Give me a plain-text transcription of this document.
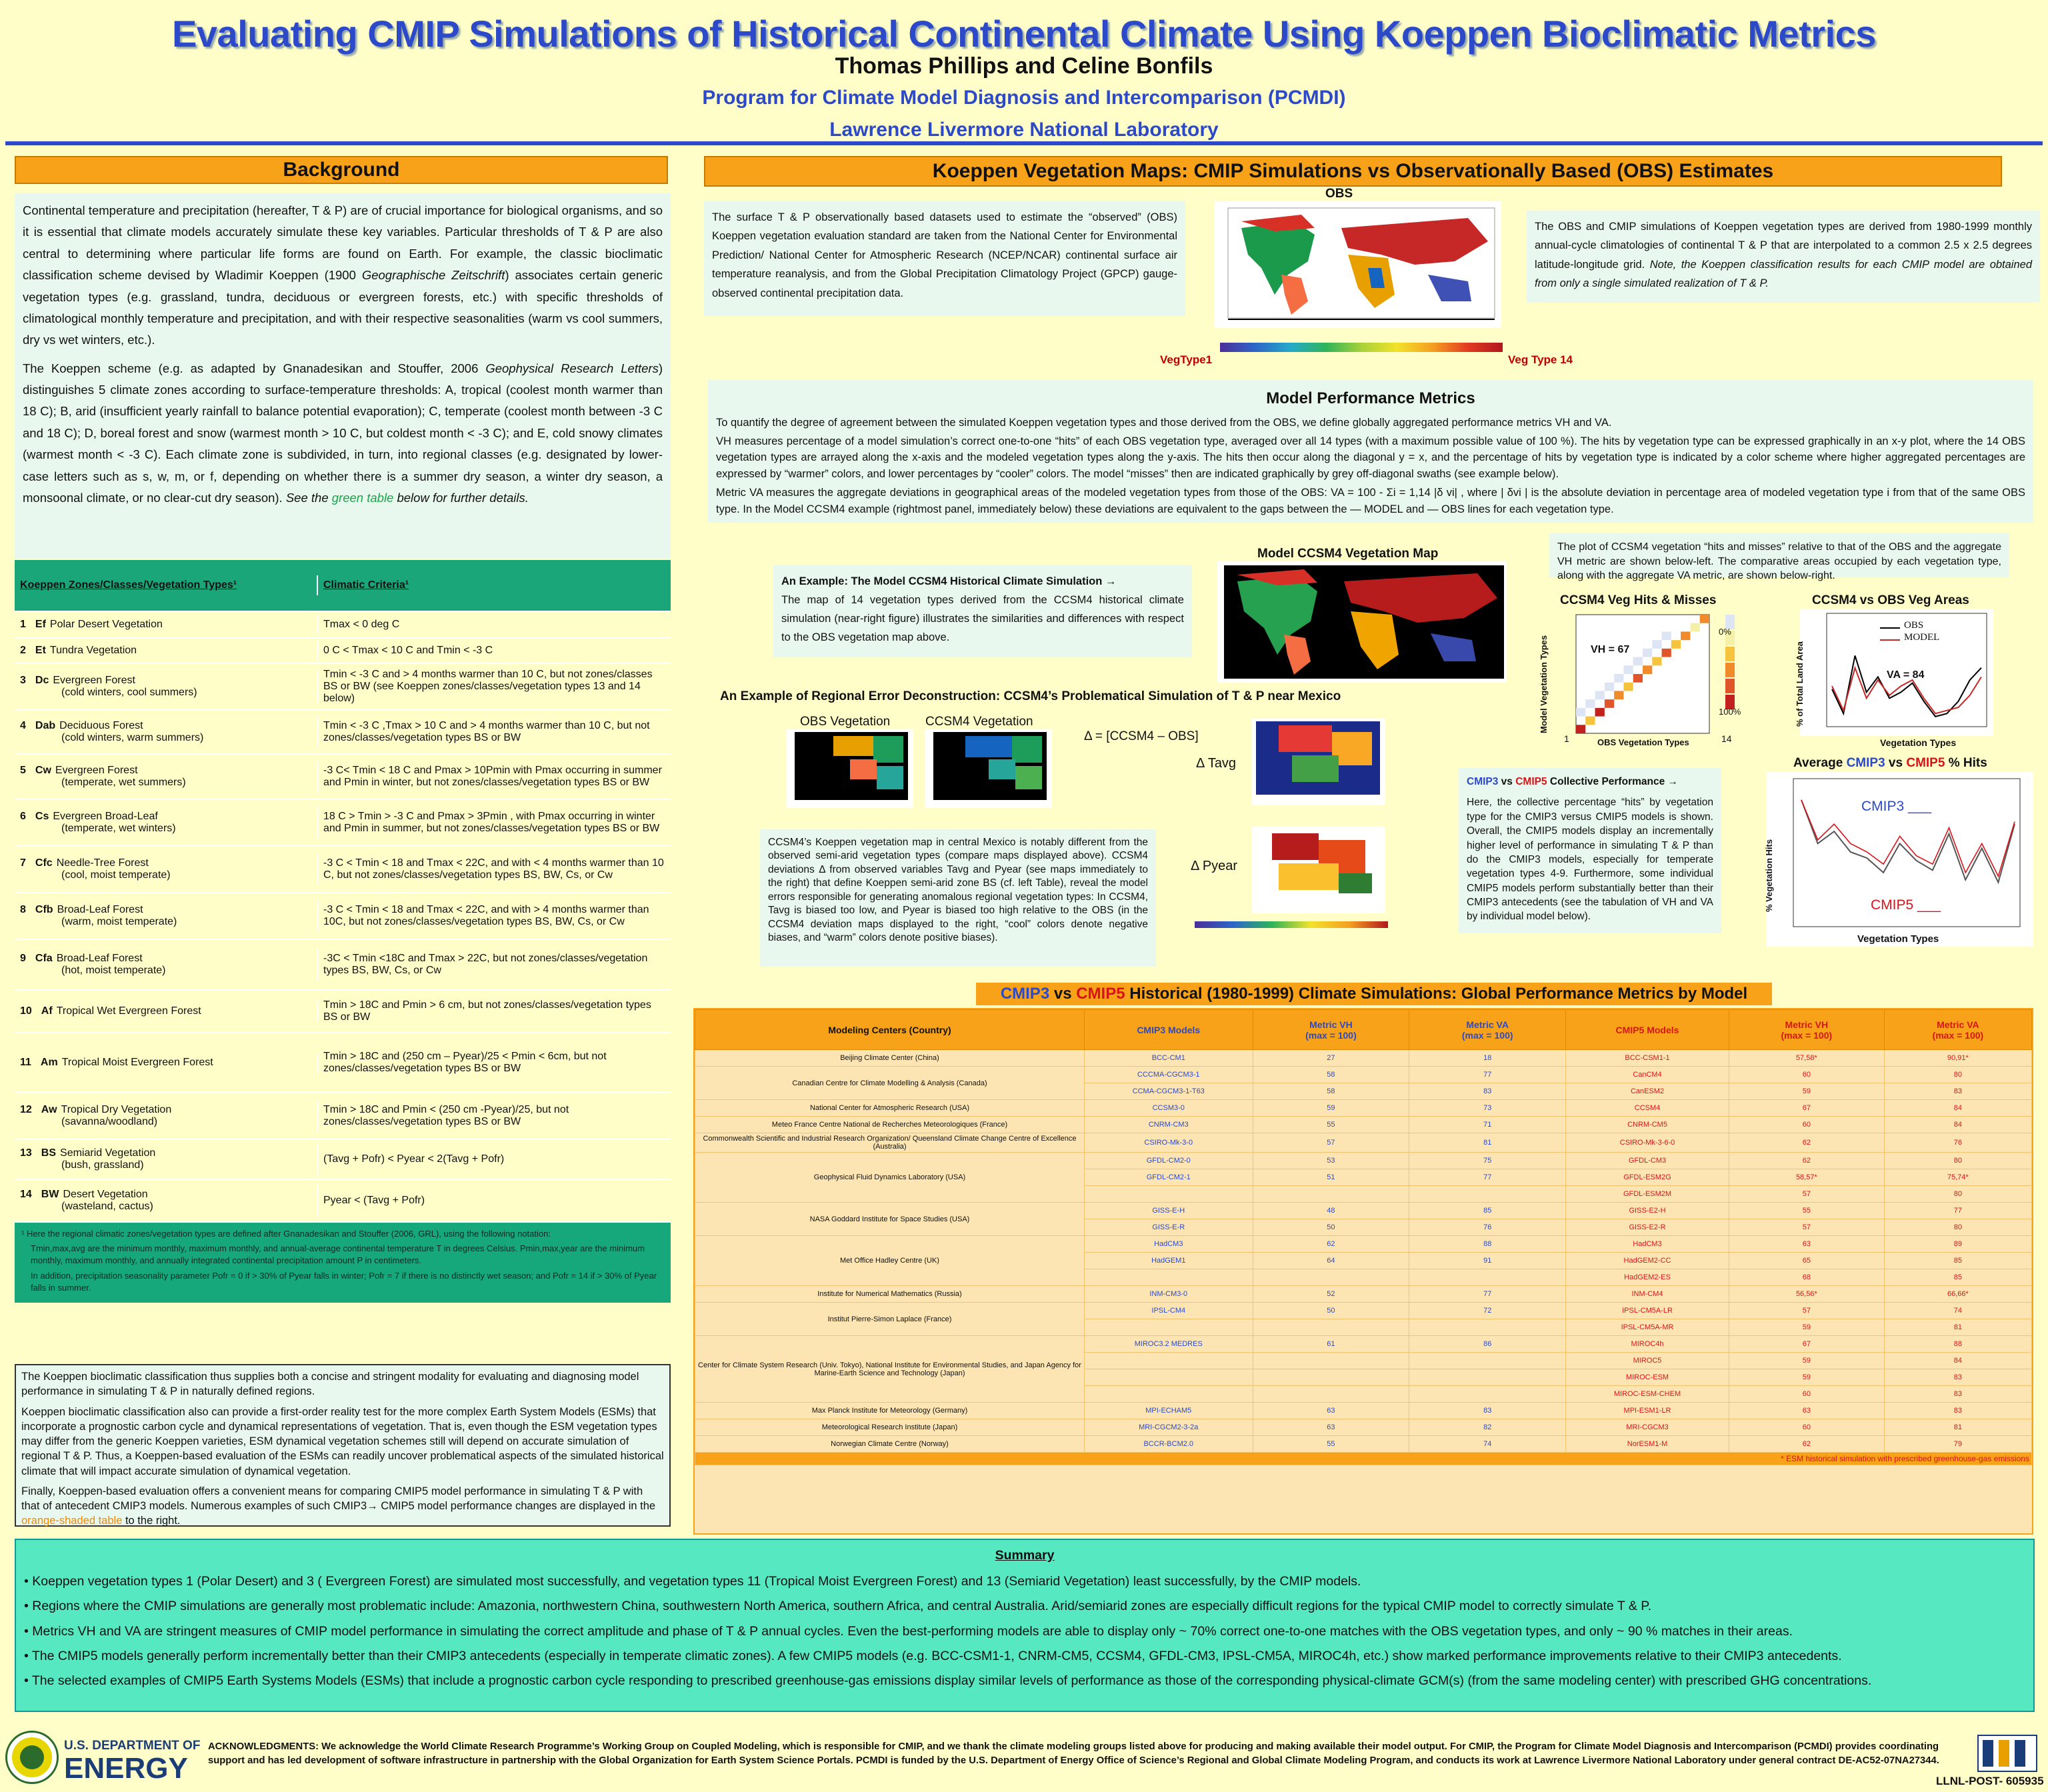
Evaluating CMIP Simulations of Historical Continental Climate Using Koeppen Bioclimatic Metrics
Thomas Phillips and Celine Bonfils
Program for Climate Model Diagnosis and Intercomparison (PCMDI)
Lawrence Livermore National Laboratory
Background

Continental temperature and precipitation (hereafter, T & P) are of crucial importance for biological organisms, and so it is essential that climate models accurately simulate these key variables. Particular thresholds of T & P are also central to determining where particular life forms are found on Earth. For example, the classic bioclimatic classification scheme devised by Wladimir Koeppen (1900 Geographische Zeitschrift) associates certain generic vegetation types (e.g. grassland, tundra, deciduous or evergreen forests, etc.) with specific thresholds of climatological monthly temperature and precipitation, and with their respective seasonalities (warm vs cool summers, dry vs wet winters, etc.).

The Koeppen scheme (e.g. as adapted by Gnanadesikan and Stouffer, 2006 Geophysical Research Letters) distinguishes 5 climate zones according to surface-temperature thresholds: A, tropical (coolest month warmer than 18 C); B, arid (insufficient yearly rainfall to balance potential evaporation); C, temperate (coolest month between -3 C and 18 C); D, boreal forest and snow (warmest month > 10 C, but coldest month < -3 C); and E, cold snowy climates (warmest month < -3 C). Each climate zone is subdivided, in turn, into regional classes (e.g. designated by lower-case letters such as s, w, m, or f, depending on whether there is a summer dry season, a winter dry season, a monsoonal climate, or no clear-cut dry season). See the green table below for further details.

Koeppen Zones/Classes/Vegetation Types¹	Climatic Criteria¹
1 Ef Polar Desert Vegetation	Tmax < 0 deg C
2 Et Tundra Vegetation	0 C < Tmax < 10 C and Tmin < -3 C
3 Dc Evergreen Forest
(cold winters, cool summers)
Tmin < -3 C and > 4 months warmer than 10 C, but not zones/classes BS or BW (see Koeppen zones/classes/vegetation types 13 and 14 below)
4 Dab Deciduous Forest
(cold winters, warm summers)
Tmin < -3 C ,Tmax > 10 C and > 4 months warmer than 10 C, but not zones/classes/vegetation types BS or BW
5 Cw Evergreen Forest
(temperate, wet summers)
-3 C< Tmin < 18 C and Pmax > 10Pmin with Pmax occurring in summer and Pmin in winter, but not zones/classes/vegetation types BS or BW
6 Cs Evergreen Broad-Leaf
(temperate, wet winters)
18 C > Tmin > -3 C and Pmax > 3Pmin , with Pmax occurring in winter and Pmin in summer, but not zones/classes/vegetation types BS or BW
7 Cfc Needle-Tree Forest
(cool, moist temperate)
-3 C < Tmin < 18 and Tmax < 22C, and with < 4 months warmer than 10 C, but not zones/classes/vegetation types BS, BW, Cs, or Cw
8 Cfb Broad-Leaf Forest
(warm, moist temperate)
-3 C < Tmin < 18 and Tmax < 22C, and with > 4 months warmer than 10C, but not zones/classes/vegetation types BS, BW, Cs, or Cw
9 Cfa Broad-Leaf Forest
(hot, moist temperate)
-3C < Tmin <18C and Tmax > 22C, but not zones/classes/vegetation types BS, BW, Cs, or Cw
10 Af Tropical Wet Evergreen Forest
Tmin > 18C and Pmin > 6 cm, but not zones/classes/vegetation types BS or BW
11 Am Tropical Moist Evergreen Forest
Tmin > 18C and (250 cm – Pyear)/25 < Pmin < 6cm, but not zones/classes/vegetation types BS or BW
12 Aw Tropical Dry Vegetation
(savanna/woodland)
Tmin > 18C and Pmin < (250 cm -Pyear)/25, but not zones/classes/vegetation types BS or BW
13 BS Semiarid Vegetation
(bush, grassland)
(Tavg + Pofr) < Pyear < 2(Tavg + Pofr)
14 BW Desert Vegetation
(wasteland, cactus)
Pyear < (Tavg + Pofr)
¹ Here the regional climatic zones/vegetation types are defined after Gnanadesikan and Stouffer (2006, GRL), using the following notation:
Tmin,max,avg are the minimum monthly, maximum monthly, and annual-average continental temperature T in degrees Celsius. Pmin,max,year are the minimum monthly, maximum monthly, and annually integrated continental precipitation amount P in centimeters.
In addition, precipitation seasonality parameter Pofr = 0 if > 30% of Pyear falls in winter; Pofr = 7 if there is no distinctly wet season; and Pofr = 14 if > 30% of Pyear falls in summer.

The Koeppen bioclimatic classification thus supplies both a concise and stringent modality for evaluating and diagnosing model performance in simulating T & P in naturally defined regions.

Koeppen bioclimatic classification also can provide a first-order reality test for the more complex Earth System Models (ESMs) that incorporate a prognostic carbon cycle and dynamical representations of vegetation. That is, even though the ESM vegetation types may differ from the generic Koeppen varieties, ESM dynamical vegetation schemes still will depend on accurate simulation of regional T & P. Thus, a Koeppen-based evaluation of the ESMs can readily uncover problematical aspects of the simulated historical climate that will impact accurate simulation of dynamical vegetation.

Finally, Koeppen-based evaluation offers a convenient means for comparing CMIP5 model performance in simulating T & P with that of antecedent CMIP3 models. Numerous examples of such CMIP3→ CMIP5 model performance changes are displayed in the orange-shaded table to the right.

Koeppen Vegetation Maps: CMIP Simulations vs Observationally Based (OBS) Estimates
The surface T & P observationally based datasets used to estimate the “observed” (OBS) Koeppen vegetation evaluation standard are taken from the National Center for Environmental Prediction/ National Center for Atmospheric Research (NCEP/NCAR) continental surface air temperature reanalysis, and from the Global Precipitation Climatology Project (GPCP) gauge-observed continental precipitation data.
OBS
VegType1	Veg Type 14
The OBS and CMIP simulations of Koeppen vegetation types are derived from 1980-1999 monthly annual-cycle climatologies of continental T & P that are interpolated to a common 2.5 x 2.5 degrees latitude-longitude grid. Note, the Koeppen classification results for each CMIP model are obtained from only a single simulated realization of T & P.
Model Performance Metrics

To quantify the degree of agreement between the simulated Koeppen vegetation types and those derived from the OBS, we define globally aggregated performance metrics VH and VA.

VH measures percentage of a model simulation’s correct one-to-one “hits” of each OBS vegetation type, averaged over all 14 types (with a maximum possible value of 100 %). The hits by vegetation type can be expressed graphically in an x-y plot, where the 14 OBS vegetation types are arrayed along the x-axis and the modeled vegetation types along the y-axis. The hits then occur along the diagonal y = x, and the percentage of hits by vegetation type is indicated by a color scheme where higher aggregated percentages are expressed by “warmer” colors, and lower percentages by “cooler” colors. The model “misses” then are indicated graphically by grey off-diagonal swaths (see example below).

Metric VA measures the aggregate deviations in geographical areas of the modeled vegetation types from those of the OBS: VA = 100 - Σi = 1,14 |δ vi| , where | δvi | is the absolute deviation in percentage area of modeled vegetation type i from that of the same OBS type. In the Model CCSM4 example (rightmost panel, immediately below) these deviations are equivalent to the gaps between the — MODEL and — OBS lines for each vegetation type.

An Example: The Model CCSM4 Historical Climate Simulation →
The map of 14 vegetation types derived from the CCSM4 historical climate simulation (near-right figure) illustrates the similarities and differences with respect to the OBS vegetation map above.
Model CCSM4 Vegetation Map	The plot of CCSM4 vegetation “hits and misses” relative to that of the OBS and the aggregate VH metric are shown below-left. The comparative areas occupied by each vegetation type, along with the aggregate VA metric, are shown below-right.
CCSM4 Veg Hits & Misses
VH = 67
Model Vegetation Types
OBS Vegetation Types
1	14
0%
100%
CCSM4 vs OBS Veg Areas
OBS
MODEL
VA = 84
% of Total Land Area
Vegetation Types
An Example of Regional Error Deconstruction: CCSM4’s Problematical Simulation of T & P near Mexico
OBS Vegetation	CCSM4 Vegetation
Δ = [CCSM4 – OBS]
Δ Tavg
Δ Pyear
CCSM4’s Koeppen vegetation map in central Mexico is notably different from the observed semi-arid vegetation types (compare maps displayed above). CCSM4 deviations Δ from observed variables Tavg and Pyear (see maps immediately to the right) that define Koeppen semi-arid zone BS (cf. left Table), reveal the model errors responsible for generating anomalous regional vegetation types: In CCSM4, Tavg is biased too low, and Pyear is biased too high relative to the OBS (in the CCSM4 deviation maps displayed to the right, “cool” colors denote negative biases, and “warm” colors denote positive biases).
CMIP3 vs CMIP5 Collective Performance →
Here, the collective percentage “hits” by vegetation type for the CMIP3 versus CMIP5 models is shown. Overall, the CMIP5 models display an incrementally higher level of performance in simulating T & P than do the CMIP3 models, especially for temperate vegetation types 4-9. Furthermore, some individual CMIP5 models perform substantially better than their CMIP3 antecedents (see the tabulation of VH and VA by individual model below).
Average CMIP3 vs CMIP5 % Hits
CMIP3 ___
CMIP5 ___
% Vegetation Hits
Vegetation Types
CMIP3 vs CMIP5 Historical (1980-1999) Climate Simulations: Global Performance Metrics by Model
Modeling Centers (Country)	CMIP3 Models	Metric VH
(max = 100)	Metric VA
(max = 100)	CMIP5 Models	Metric VH
(max = 100)	Metric VA
(max = 100)
Beijing Climate Center (China)	BCC-CM1	27	18	BCC-CSM1-1	57,58*	90,91*
Canadian Centre for Climate Modelling & Analysis (Canada)	CCCMA-CGCM3-1	58	77	CanCM4	60	80
	CCMA-CGCM3-1-T63	58	83	CanESM2	59	83
National Center for Atmospheric Research (USA)	CCSM3-0	59	73	CCSM4	67	84
Meteo France Centre National de Recherches Meteorologiques (France)	CNRM-CM3	55	71	CNRM-CM5	60	84
Commonwealth Scientific and Industrial Research Organization/ Queensland Climate Change Centre of Excellence (Australia)	CSIRO-Mk-3-0	57	81	CSIRO-Mk-3-6-0	62	76
Geophysical Fluid Dynamics Laboratory (USA)	GFDL-CM2-0	53	75	GFDL-CM3	62	80
	GFDL-CM2-1	51	77	GFDL-ESM2G	58,57*	75,74*
				GFDL-ESM2M	57	80
NASA Goddard Institute for Space Studies (USA)	GISS-E-H	48	85	GISS-E2-H	55	77
	GISS-E-R	50	76	GISS-E2-R	57	80
Met Office Hadley Centre (UK)	HadCM3	62	88	HadCM3	63	89
	HadGEM1	64	91	HadGEM2-CC	65	85
				HadGEM2-ES	68	85
Institute for Numerical Mathematics (Russia)	INM-CM3-0	52	77	INM-CM4	56,56*	66,66*
Institut Pierre-Simon Laplace (France)	IPSL-CM4	50	72	IPSL-CM5A-LR	57	74
				IPSL-CM5A-MR	59	81
Center for Climate System Research (Univ. Tokyo), National Institute for Environmental Studies, and Japan Agency for Marine-Earth Science and Technology (Japan)	MIROC3.2 MEDRES	61	86	MIROC4h	67	88
				MIROC5	59	84
				MIROC-ESM	59	83
				MIROC-ESM-CHEM	60	83
Max Planck Institute for Meteorology (Germany)	MPI-ECHAM5	63	83	MPI-ESM1-LR	63	83
Meteorological Research Institute (Japan)	MRI-CGCM2-3-2a	63	82	MRI-CGCM3	60	81
Norwegian Climate Centre (Norway)	BCCR-BCM2.0	55	74	NorESM1-M	62	79
* ESM historical simulation with prescribed greenhouse-gas emissions						
Summary
• Koeppen vegetation types 1 (Polar Desert) and 3 ( Evergreen Forest) are simulated most successfully, and vegetation types 11 (Tropical Moist Evergreen Forest) and 13 (Semiarid Vegetation) least successfully, by the CMIP models.
• Regions where the CMIP simulations are generally most problematic include: Amazonia, northwestern China, southwestern North America, southern Africa, and central Australia. Arid/semiarid zones are especially difficult regions for the typical CMIP model to correctly simulate T & P.
• Metrics VH and VA are stringent measures of CMIP model performance in simulating the correct amplitude and phase of T & P annual cycles. Even the best-performing models are able to display only ~ 70% correct one-to-one matches with the OBS vegetation types, and only ~ 90 % matches in their areas.
• The CMIP5 models generally perform incrementally better than their CMIP3 antecedents (especially in temperate climatic zones). A few CMIP5 models (e.g. BCC-CSM1-1, CNRM-CM5, CCSM4, GFDL-CM3, IPSL-CM5A, MIROC4h, etc.) show marked performance improvements relative to their CMIP3 antecedents.
• The selected examples of CMIP5 Earth Systems Models (ESMs) that include a prognostic carbon cycle responding to prescribed greenhouse-gas emissions display similar levels of performance as those of the corresponding physical-climate GCM(s) (from the same modeling center) with prescribed GHG concentrations.
U.S. DEPARTMENT OF
ENERGY
ACKNOWLEDGMENTS: We acknowledge the World Climate Research Programme’s Working Group on Coupled Modeling, which is responsible for CMIP, and we thank the climate modeling groups listed above for producing and making available their model output. For CMIP, the Program for Climate Model Diagnosis and Intercomparison (PCMDI) provides coordinating support and has led development of software infrastructure in partnership with the Global Organization for Earth System Science Portals. PCMDI is funded by the U.S. Department of Energy Office of Science’s Regional and Global Climate Modeling Program, and conducts its work at Lawrence Livermore National Laboratory under general contract DE-AC52-07NA27344.
LLNL-POST- 605935
